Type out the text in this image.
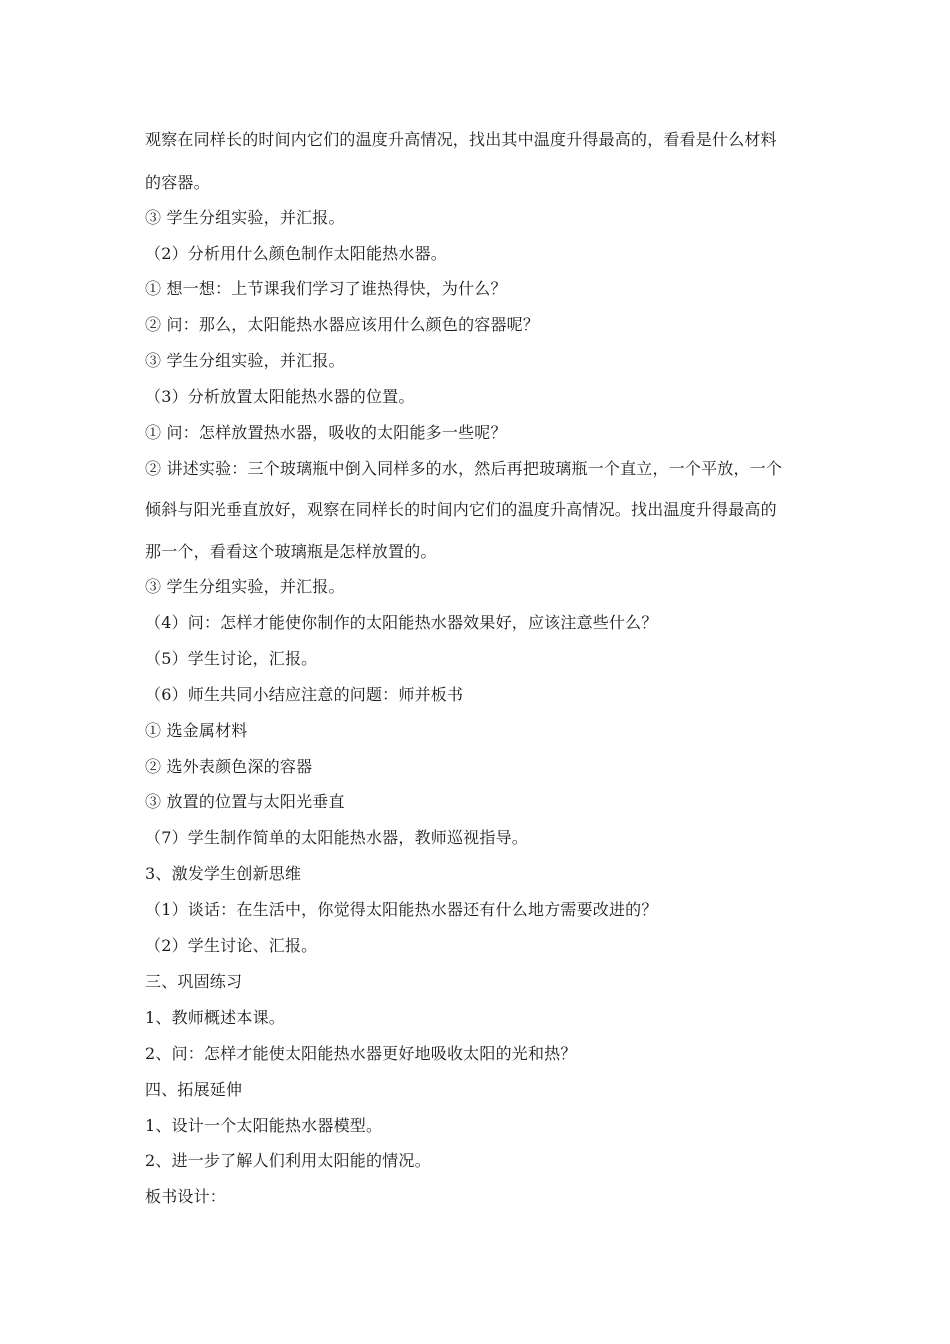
观察在同样长的时间内它们的温度升高情况，找出其中温度升得最高的，看看是什么材料
的容器。
③ 学生分组实验，并汇报。
（2）分析用什么颜色制作太阳能热水器。
① 想一想：上节课我们学习了谁热得快，为什么？
② 问：那么，太阳能热水器应该用什么颜色的容器呢？
③ 学生分组实验，并汇报。
（3）分析放置太阳能热水器的位置。
① 问：怎样放置热水器，吸收的太阳能多一些呢？
② 讲述实验：三个玻璃瓶中倒入同样多的水，然后再把玻璃瓶一个直立，一个平放，一个
倾斜与阳光垂直放好，观察在同样长的时间内它们的温度升高情况。找出温度升得最高的
那一个，看看这个玻璃瓶是怎样放置的。
③ 学生分组实验，并汇报。
（4）问：怎样才能使你制作的太阳能热水器效果好，应该注意些什么？
（5）学生讨论，汇报。
（6）师生共同小结应注意的问题：师并板书
① 选金属材料
② 选外表颜色深的容器
③ 放置的位置与太阳光垂直
（7）学生制作简单的太阳能热水器，教师巡视指导。
3、激发学生创新思维
（1）谈话：在生活中，你觉得太阳能热水器还有什么地方需要改进的？
（2）学生讨论、汇报。
三、巩固练习
1、教师概述本课。
2、问：怎样才能使太阳能热水器更好地吸收太阳的光和热？
四、拓展延伸
1、设计一个太阳能热水器模型。
2、进一步了解人们利用太阳能的情况。
板书设计：
